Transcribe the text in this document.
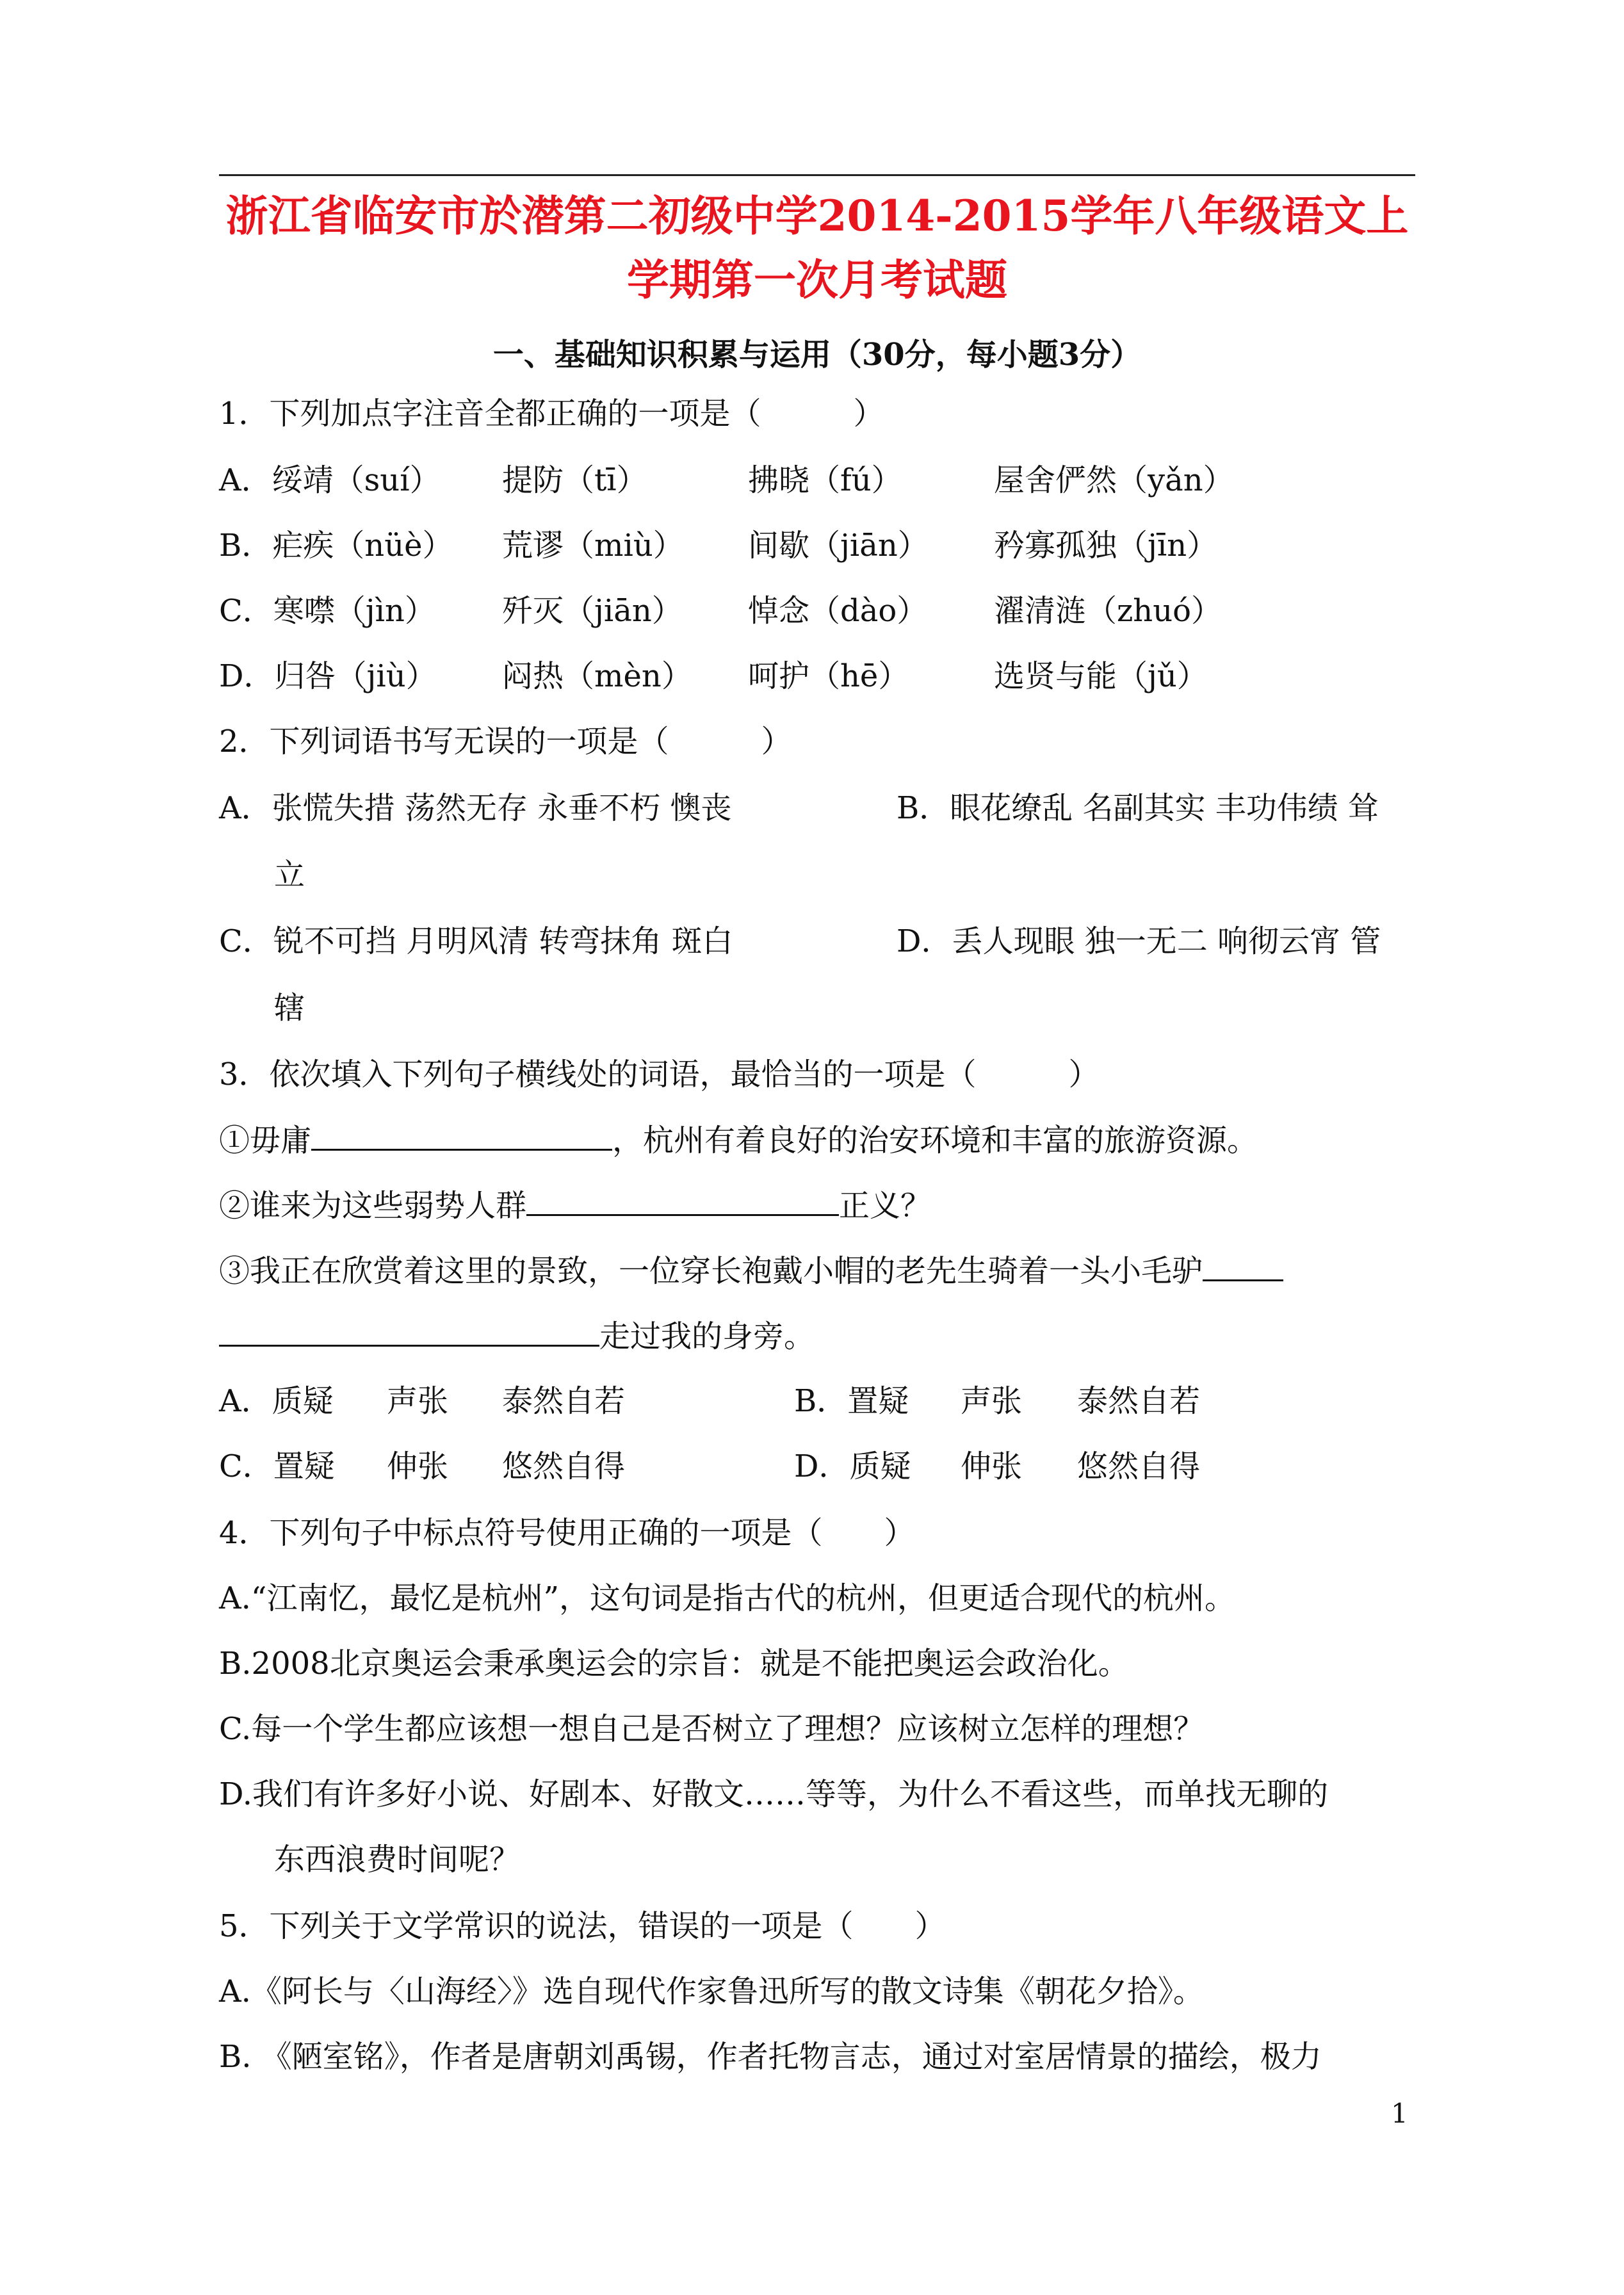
浙江省临安市於潜第二初级中学2014-2015学年八年级语文上
学期第一次月考试题
一、基础知识积累与运用（30分，每小题3分）
1．下列加点字注音全都正确的一项是（　　　）
A．绥靖（suí） 提防（tī）	拂晓（fú）	屋舍俨然（yǎn）
B．疟疾（nüè） 荒谬（miù） 间歇（jiān） 矜寡孤独（jīn）
C．寒噤（jìn） 歼灭（jiān） 悼念（dào） 濯清涟（zhuó）
D．归咎（jiù） 闷热（mèn） 呵护（hē）	选贤与能（jǔ）
2．下列词语书写无误的一项是（　　　）
A．张慌失措 荡然无存 永垂不朽 懊丧	B．眼花缭乱 名副其实 丰功伟绩 耸
立
C．锐不可挡 月明风清 转弯抹角 斑白	D．丢人现眼 独一无二 响彻云宵 管
辖
3．依次填入下列句子横线处的词语，最恰当的一项是（　　　）
①毋庸	，杭州有着良好的治安环境和丰富的旅游资源。
②谁来为这些弱势人群	正义？
③我正在欣赏着这里的景致，一位穿长袍戴小帽的老先生骑着一头小毛驴
走过我的身旁。
A．质疑 声张 泰然自若	B．置疑 声张 泰然自若
C．置疑 伸张 悠然自得	D．质疑 伸张 悠然自得
4．下列句子中标点符号使用正确的一项是（　　）
A.“江南忆，最忆是杭州”，这句词是指古代的杭州，但更适合现代的杭州。
B.2008北京奥运会秉承奥运会的宗旨：就是不能把奥运会政治化。
C.每一个学生都应该想一想自己是否树立了理想？应该树立怎样的理想？
D.我们有许多好小说、好剧本、好散文……等等，为什么不看这些，而单找无聊的
东西浪费时间呢？
5．下列关于文学常识的说法，错误的一项是（　　）
A.《阿长与〈山海经〉》选自现代作家鲁迅所写的散文诗集《朝花夕拾》。
B. 《陋室铭》，作者是唐朝刘禹锡，作者托物言志，通过对室居情景的描绘，极力
1
